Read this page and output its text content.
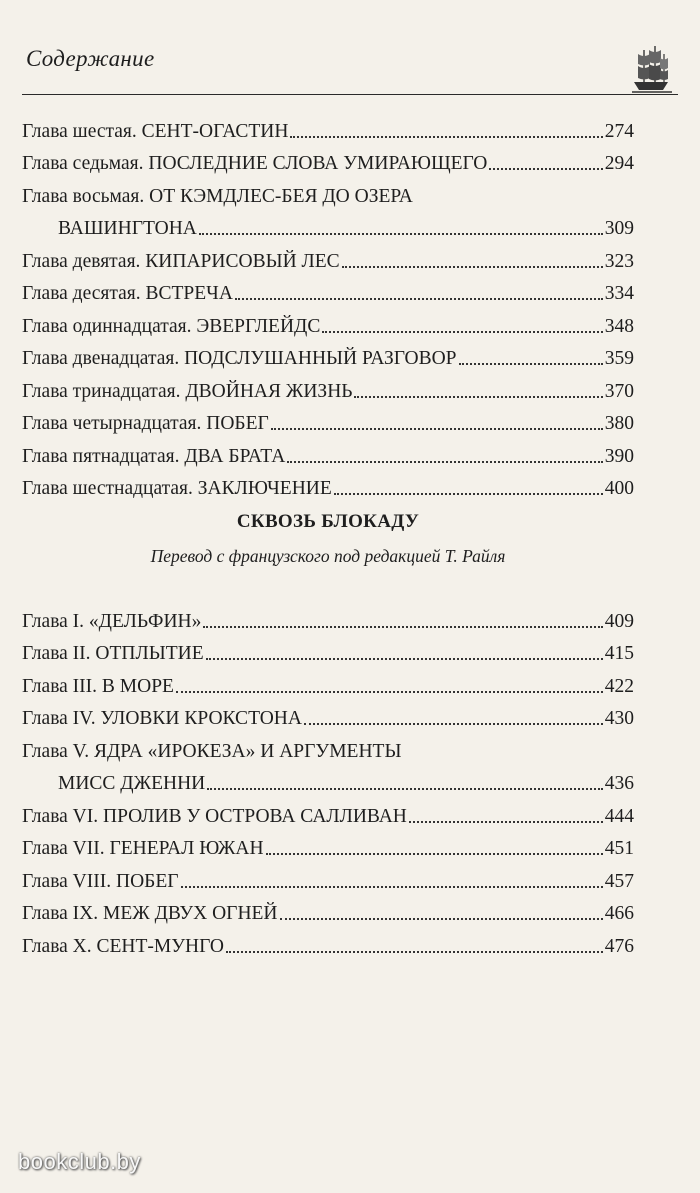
Содержание
Глава шестая. СЕНТ-ОГАСТИН	274
Глава седьмая. ПОСЛЕДНИЕ СЛОВА УМИРАЮЩЕГО	294
Глава восьмая. ОТ КЭМДЛЕС-БЕЯ ДО ОЗЕРА
ВАШИНГТОНА	309
Глава девятая. КИПАРИСОВЫЙ ЛЕС	323
Глава десятая. ВСТРЕЧА	334
Глава одиннадцатая. ЭВЕРГЛЕЙДС	348
Глава двенадцатая. ПОДСЛУШАННЫЙ РАЗГОВОР	359
Глава тринадцатая. ДВОЙНАЯ ЖИЗНЬ	370
Глава четырнадцатая. ПОБЕГ	380
Глава пятнадцатая. ДВА БРАТА	390
Глава шестнадцатая. ЗАКЛЮЧЕНИЕ	400
СКВОЗЬ БЛОКАДУ
Перевод с французского под редакцией Т. Райля
Глава I. «ДЕЛЬФИН»	409
Глава II. ОТПЛЫТИЕ	415
Глава III. В МОРЕ	422
Глава IV. УЛОВКИ КРОКСТОНА	430
Глава V. ЯДРА «ИРОКЕЗА» И АРГУМЕНТЫ
МИСС ДЖЕННИ	436
Глава VI. ПРОЛИВ У ОСТРОВА САЛЛИВАН	444
Глава VII. ГЕНЕРАЛ ЮЖАН	451
Глава VIII. ПОБЕГ	457
Глава IX. МЕЖ ДВУХ ОГНЕЙ	466
Глава X. СЕНТ-МУНГО	476
bookclub.by
